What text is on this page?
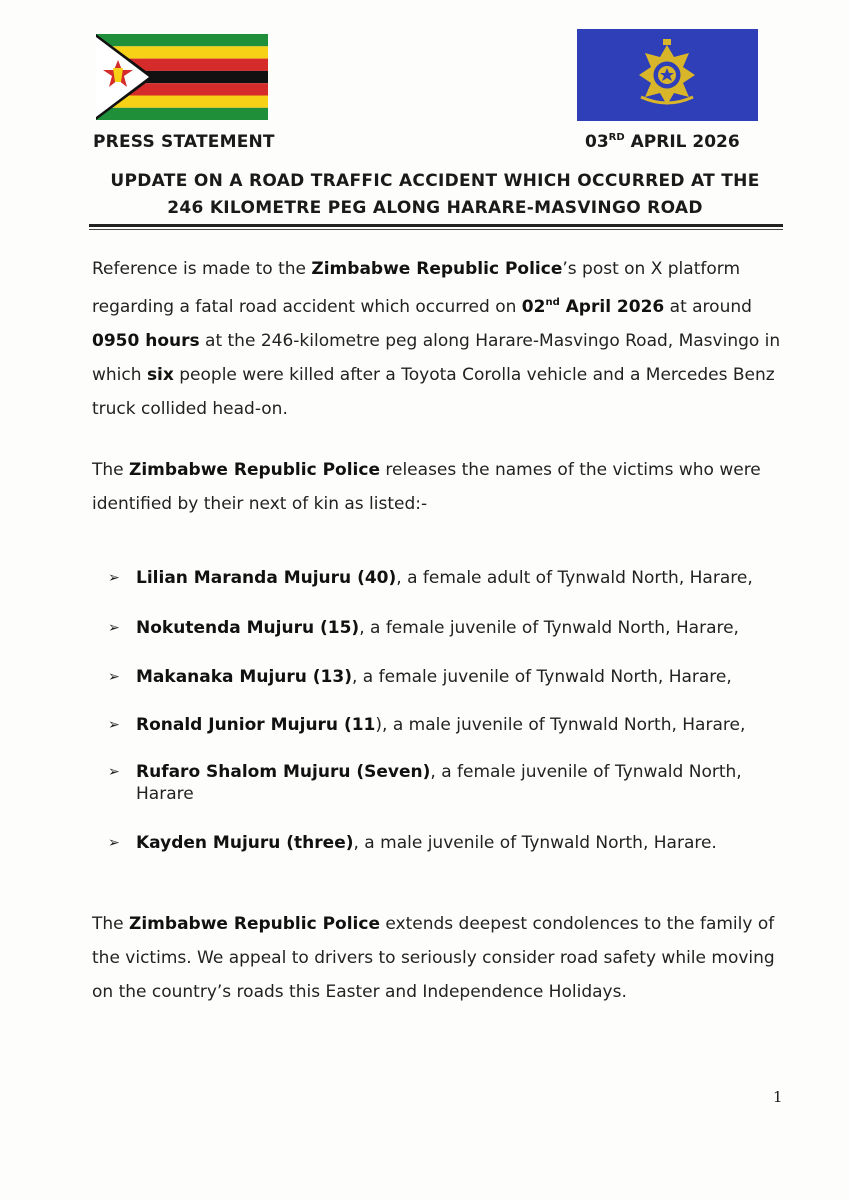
PRESS STATEMENT	03RD APRIL 2026
UPDATE ON A ROAD TRAFFIC ACCIDENT WHICH OCCURRED AT THE
246 KILOMETRE PEG ALONG HARARE-MASVINGO ROAD
Reference is made to the Zimbabwe Republic Police’s post on X platform regarding a fatal road accident which occurred on 02nd April 2026 at around 0950 hours at the 246-kilometre peg along Harare-Masvingo Road, Masvingo in which six people were killed after a Toyota Corolla vehicle and a Mercedes Benz truck collided head-on.
The Zimbabwe Republic Police releases the names of the victims who were identified by their next of kin as listed:-
➢ Lilian Maranda Mujuru (40), a female adult of Tynwald North, Harare,
➢ Nokutenda Mujuru (15), a female juvenile of Tynwald North, Harare,
➢ Makanaka Mujuru (13), a female juvenile of Tynwald North, Harare,
➢ Ronald Junior Mujuru (11), a male juvenile of Tynwald North, Harare,
➢ Rufaro Shalom Mujuru (Seven), a female juvenile of Tynwald North, Harare
➢ Kayden Mujuru (three), a male juvenile of Tynwald North, Harare.
The Zimbabwe Republic Police extends deepest condolences to the family of the victims. We appeal to drivers to seriously consider road safety while moving on the country’s roads this Easter and Independence Holidays.
1
